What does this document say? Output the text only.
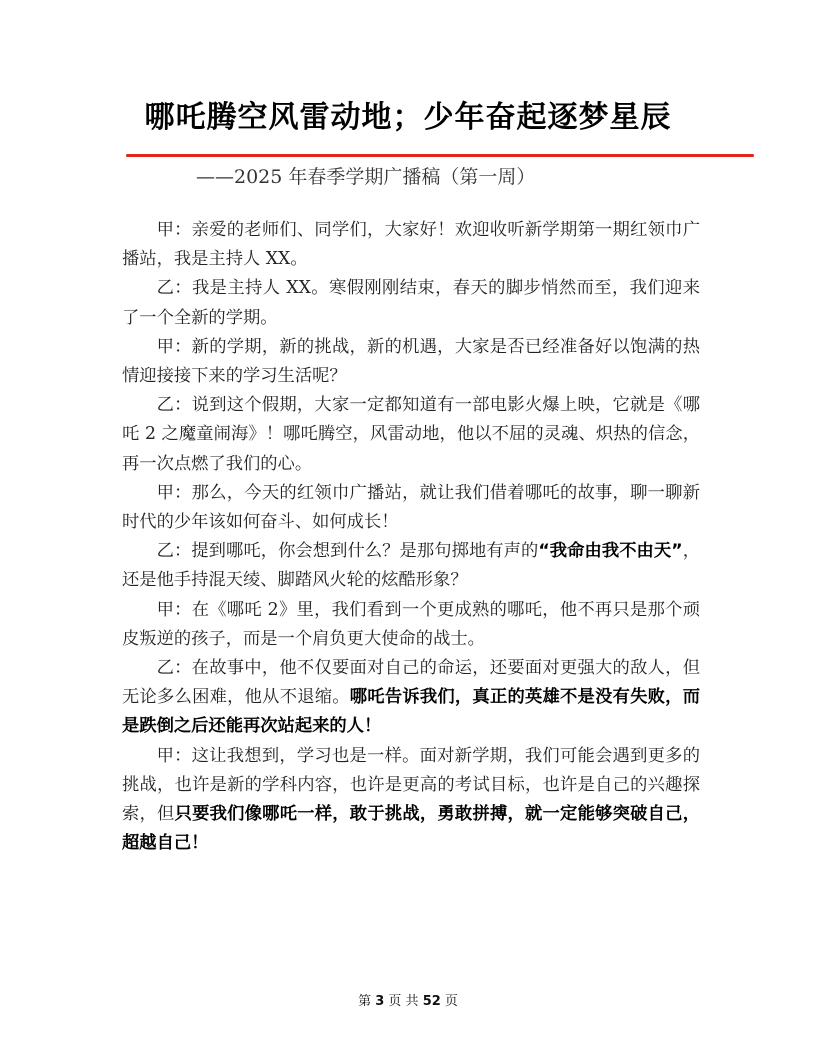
哪吒腾空风雷动地；少年奋起逐梦星辰
——2025 年春季学期广播稿（第一周）

甲：亲爱的老师们、同学们，大家好！欢迎收听新学期第一期红领巾广播站，我是主持人 XX。

乙：我是主持人 XX。寒假刚刚结束，春天的脚步悄然而至，我们迎来了一个全新的学期。

甲：新的学期，新的挑战，新的机遇，大家是否已经准备好以饱满的热情迎接接下来的学习生活呢？

乙：说到这个假期，大家一定都知道有一部电影火爆上映，它就是《哪吒 2 之魔童闹海》！哪吒腾空，风雷动地，他以不屈的灵魂、炽热的信念，再一次点燃了我们的心。

甲：那么，今天的红领巾广播站，就让我们借着哪吒的故事，聊一聊新时代的少年该如何奋斗、如何成长！

乙：提到哪吒，你会想到什么？是那句掷地有声的“我命由我不由天”，还是他手持混天绫、脚踏风火轮的炫酷形象？

甲：在《哪吒 2》里，我们看到一个更成熟的哪吒，他不再只是那个顽皮叛逆的孩子，而是一个肩负更大使命的战士。

乙：在故事中，他不仅要面对自己的命运，还要面对更强大的敌人，但无论多么困难，他从不退缩。哪吒告诉我们，真正的英雄不是没有失败，而是跌倒之后还能再次站起来的人！

甲：这让我想到，学习也是一样。面对新学期，我们可能会遇到更多的挑战，也许是新的学科内容，也许是更高的考试目标，也许是自己的兴趣探索，但只要我们像哪吒一样，敢于挑战，勇敢拼搏，就一定能够突破自己，超越自己！

第 3 页 共 52 页
